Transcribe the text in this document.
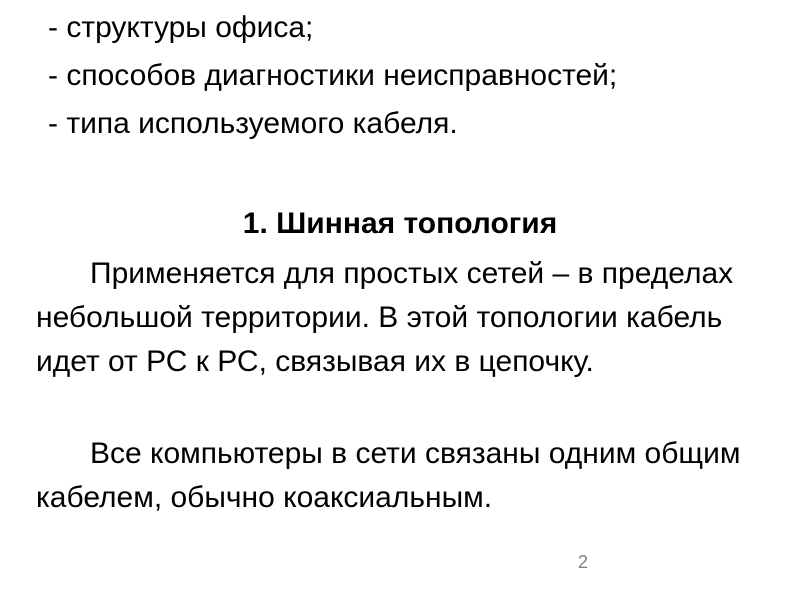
- структуры офиса;
- способов диагностики неисправностей;
- типа используемого кабеля.
1. Шинная топология

Применяется для простых сетей – в пределах небольшой территории. В этой топологии кабель идет от РС к РС, связывая их в цепочку.

Все компьютеры в сети связаны одним общим кабелем, обычно коаксиальным.

2
